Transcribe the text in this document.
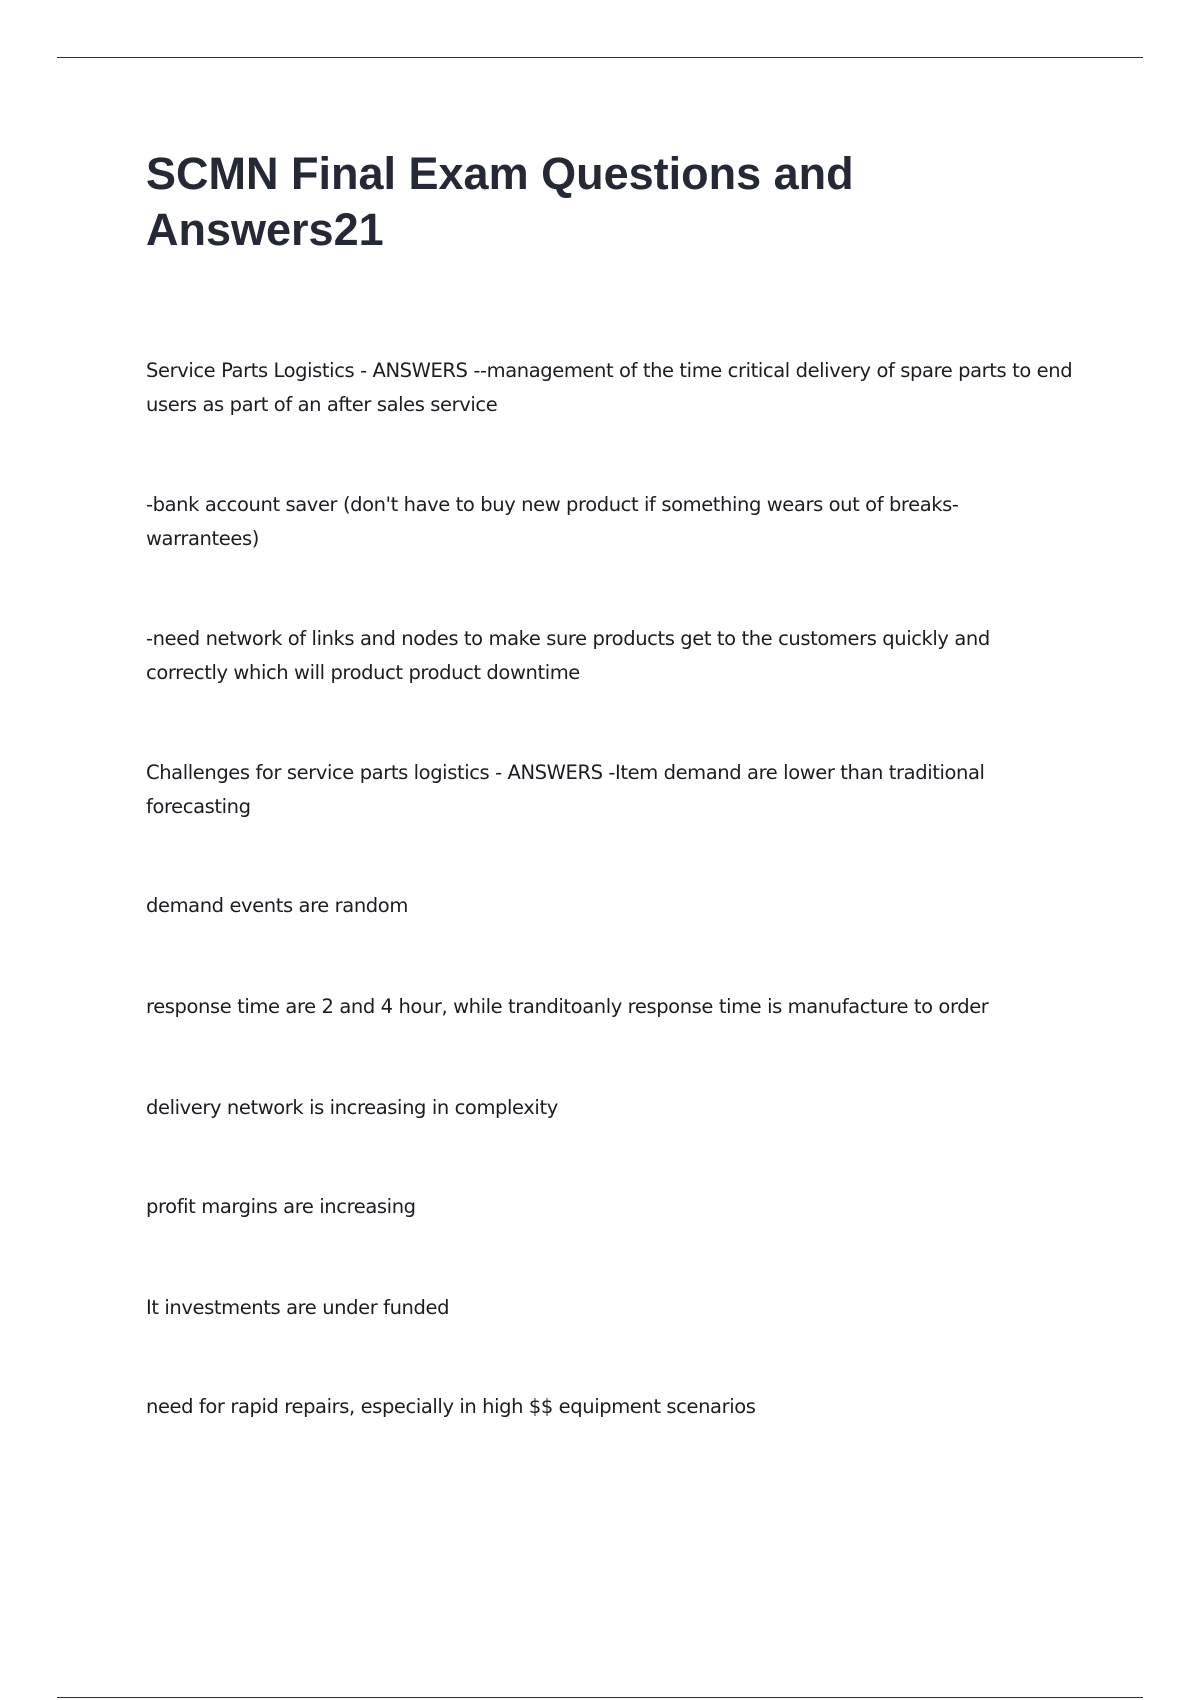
SCMN Final Exam Questions and Answers21

Service Parts Logistics - ANSWERS --management of the time critical delivery of spare parts to end users as part of an after sales service

-bank account saver (don't have to buy new product if something wears out of breaks- warrantees)

-need network of links and nodes to make sure products get to the customers quickly and correctly which will product product downtime

Challenges for service parts logistics - ANSWERS -Item demand are lower than traditional forecasting

demand events are random

response time are 2 and 4 hour, while tranditoanly response time is manufacture to order

delivery network is increasing in complexity

profit margins are increasing

It investments are under funded

need for rapid repairs, especially in high $$ equipment scenarios
